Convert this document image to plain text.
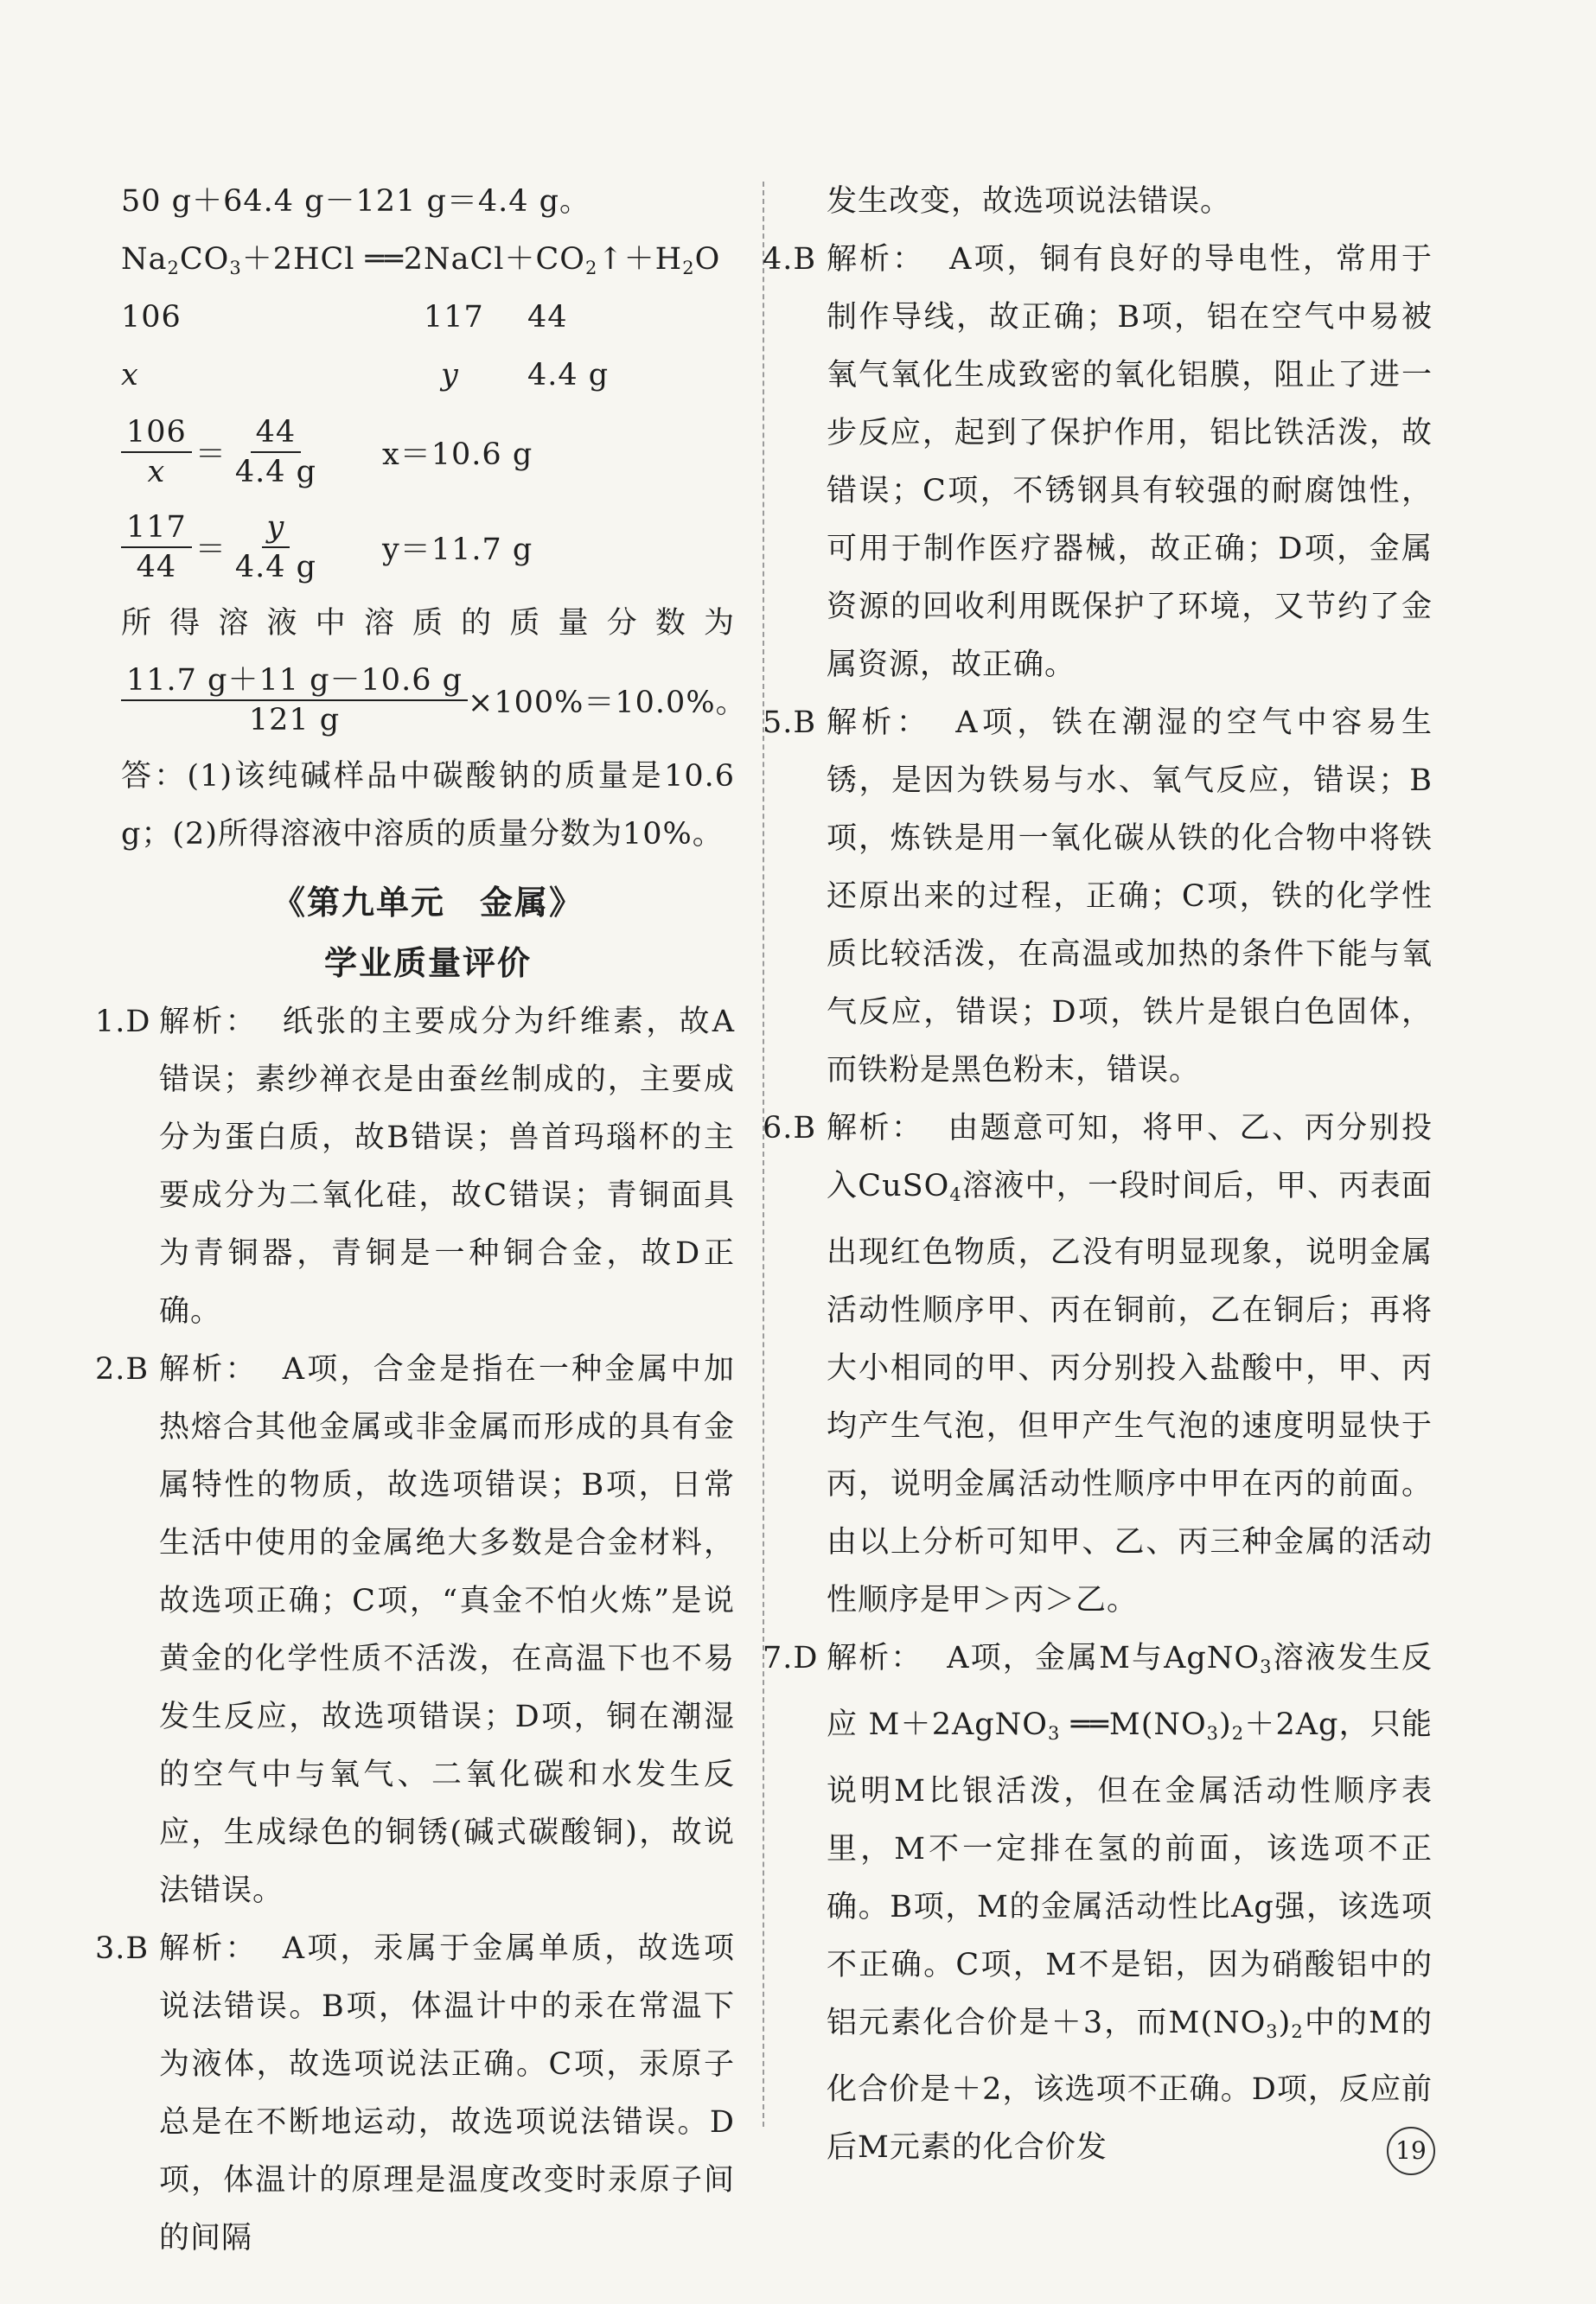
50 g＋64.4 g－121 g＝4.4 g。
$Na_2CO_3+2HCl$ $══2NaCl+CO_2↑+H_2O$
106	117	44
x	y	4.4 g
$\frac{106}{x} = \frac{44}{4.4 g} x=10.6$ g
$\frac{117}{44} = \frac{y}{4.4 g} y=11.7$ g
所得溶液中溶质的质量分数为
$\frac{11.7 g+11 g-10.6 g}{121 g} \times 100\%=10.0\%$。
答：(1)该纯碱样品中碳酸钠的质量是10.6 g；(2)所得溶液中溶质的质量分数为10%。
《第九单元　金属》
学业质量评价
1.D 解析： 纸张的主要成分为纤维素，故A错误；素纱禅衣是由蚕丝制成的，主要成分为蛋白质，故B错误；兽首玛瑙杯的主要成分为二氧化硅，故C错误；青铜面具为青铜器，青铜是一种铜合金，故D正确。
2.B 解析： A项，合金是指在一种金属中加热熔合其他金属或非金属而形成的具有金属特性的物质，故选项错误；B项，日常生活中使用的金属绝大多数是合金材料，故选项正确；C项，“真金不怕火炼”是说黄金的化学性质不活泼，在高温下也不易发生反应，故选项错误；D项，铜在潮湿的空气中与氧气、二氧化碳和水发生反应，生成绿色的铜锈(碱式碳酸铜)，故说法错误。
3.B 解析： A项，汞属于金属单质，故选项说法错误。B项，体温计中的汞在常温下为液体，故选项说法正确。C项，汞原子总是在不断地运动，故选项说法错误。D项，体温计的原理是温度改变时汞原子间的间隔
发生改变，故选项说法错误。
4.B 解析： A项，铜有良好的导电性，常用于制作导线，故正确；B项，铝在空气中易被氧气氧化生成致密的氧化铝膜，阻止了进一步反应，起到了保护作用，铝比铁活泼，故错误；C项，不锈钢具有较强的耐腐蚀性，可用于制作医疗器械，故正确；D项，金属资源的回收利用既保护了环境，又节约了金属资源，故正确。
5.B 解析： A项，铁在潮湿的空气中容易生锈，是因为铁易与水、氧气反应，错误；B项，炼铁是用一氧化碳从铁的化合物中将铁还原出来的过程，正确；C项，铁的化学性质比较活泼，在高温或加热的条件下能与氧气反应，错误；D项，铁片是银白色固体，而铁粉是黑色粉末，错误。
6.B 解析： 由题意可知，将甲、乙、丙分别投入CuSO$_4$溶液中，一段时间后，甲、丙表面出现红色物质，乙没有明显现象，说明金属活动性顺序甲、丙在铜前，乙在铜后；再将大小相同的甲、丙分别投入盐酸中，甲、丙均产生气泡，但甲产生气泡的速度明显快于丙，说明金属活动性顺序中甲在丙的前面。由以上分析可知甲、乙、丙三种金属的活动性顺序是甲＞丙＞乙。
7.D 解析： A项，金属M与AgNO$_3$溶液发生反应 M＋2AgNO$_3$ $══M(NO_3)_2+2Ag$，只能说明M比银活泼，但在金属活动性顺序表里，M不一定排在氢的前面，该选项不正确。B项，M的金属活动性比Ag强，该选项不正确。C项，M不是铝，因为硝酸铝中的铝元素化合价是＋3，而$M(NO_3)_2$中的M的化合价是＋2，该选项不正确。D项，反应前后M元素的化合价发	19
